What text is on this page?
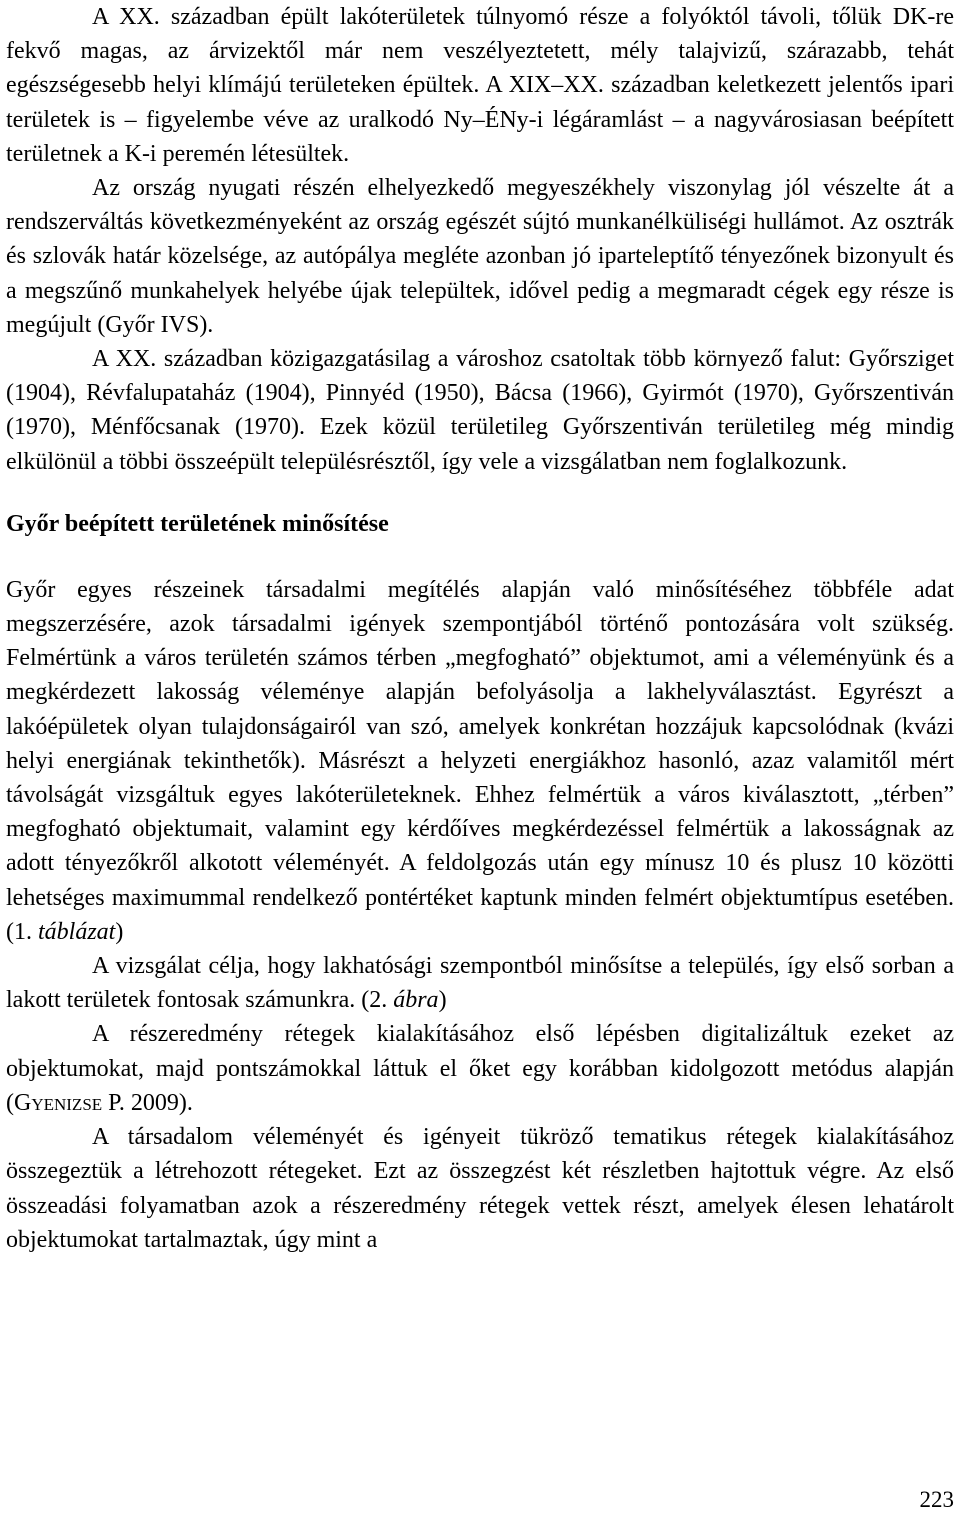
A XX. században épült lakóterületek túlnyomó része a folyóktól távoli, tőlük DK-re fekvő magas, az árvizektől már nem veszélyeztetett, mély talajvizű, szárazabb, tehát egészségesebb helyi klímájú területeken épültek. A XIX–XX. században keletkezett jelentős ipari területek is – figyelembe véve az uralkodó Ny–ÉNy-i légáramlást – a nagyvárosiasan beépített területnek a K-i peremén létesültek.

Az ország nyugati részén elhelyezkedő megyeszékhely viszonylag jól vészelte át a rendszerváltás következményeként az ország egészét sújtó munkanélküliségi hullámot. Az osztrák és szlovák határ közelsége, az autópálya megléte azonban jó iparteleptítő tényezőnek bizonyult és a megszűnő munkahelyek helyébe újak települtek, idővel pedig a megmaradt cégek egy része is megújult (Győr IVS).

A XX. században közigazgatásilag a városhoz csatoltak több környező falut: Győrsziget (1904), Révfalupataház (1904), Pinnyéd (1950), Bácsa (1966), Gyirmót (1970), Győrszentiván (1970), Ménfőcsanak (1970). Ezek közül területileg Győrszentiván területileg még mindig elkülönül a többi összeépült településrésztől, így vele a vizsgálatban nem foglalkozunk.

Győr beépített területének minősítése

Győr egyes részeinek társadalmi megítélés alapján való minősítéséhez többféle adat megszerzésére, azok társadalmi igények szempontjából történő pontozására volt szükség. Felmértünk a város területén számos térben „megfogható” objektumot, ami a véleményünk és a megkérdezett lakosság véleménye alapján befolyásolja a lakhelyválasztást. Egyrészt a lakóépületek olyan tulajdonságairól van szó, amelyek konkrétan hozzájuk kapcsolódnak (kvázi helyi energiának tekinthetők). Másrészt a helyzeti energiákhoz hasonló, azaz valamitől mért távolságát vizsgáltuk egyes lakóterületeknek. Ehhez felmértük a város kiválasztott, „térben” megfogható objektumait, valamint egy kérdőíves megkérdezéssel felmértük a lakosságnak az adott tényezőkről alkotott véleményét. A feldolgozás után egy mínusz 10 és plusz 10 közötti lehetséges maximummal rendelkező pontértéket kaptunk minden felmért objektumtípus esetében. (1. táblázat)

A vizsgálat célja, hogy lakhatósági szempontból minősítse a település, így első sorban a lakott területek fontosak számunkra. (2. ábra)

A részeredmény rétegek kialakításához első lépésben digitalizáltuk ezeket az objektumokat, majd pontszámokkal láttuk el őket egy korábban kidolgozott metódus alapján (Gyenizse P. 2009).

A társadalom véleményét és igényeit tükröző tematikus rétegek kialakításához összegeztük a létrehozott rétegeket. Ezt az összegzést két részletben hajtottuk végre. Az első összeadási folyamatban azok a részeredmény rétegek vettek részt, amelyek élesen lehatárolt objektumokat tartalmaztak, úgy mint a

223
